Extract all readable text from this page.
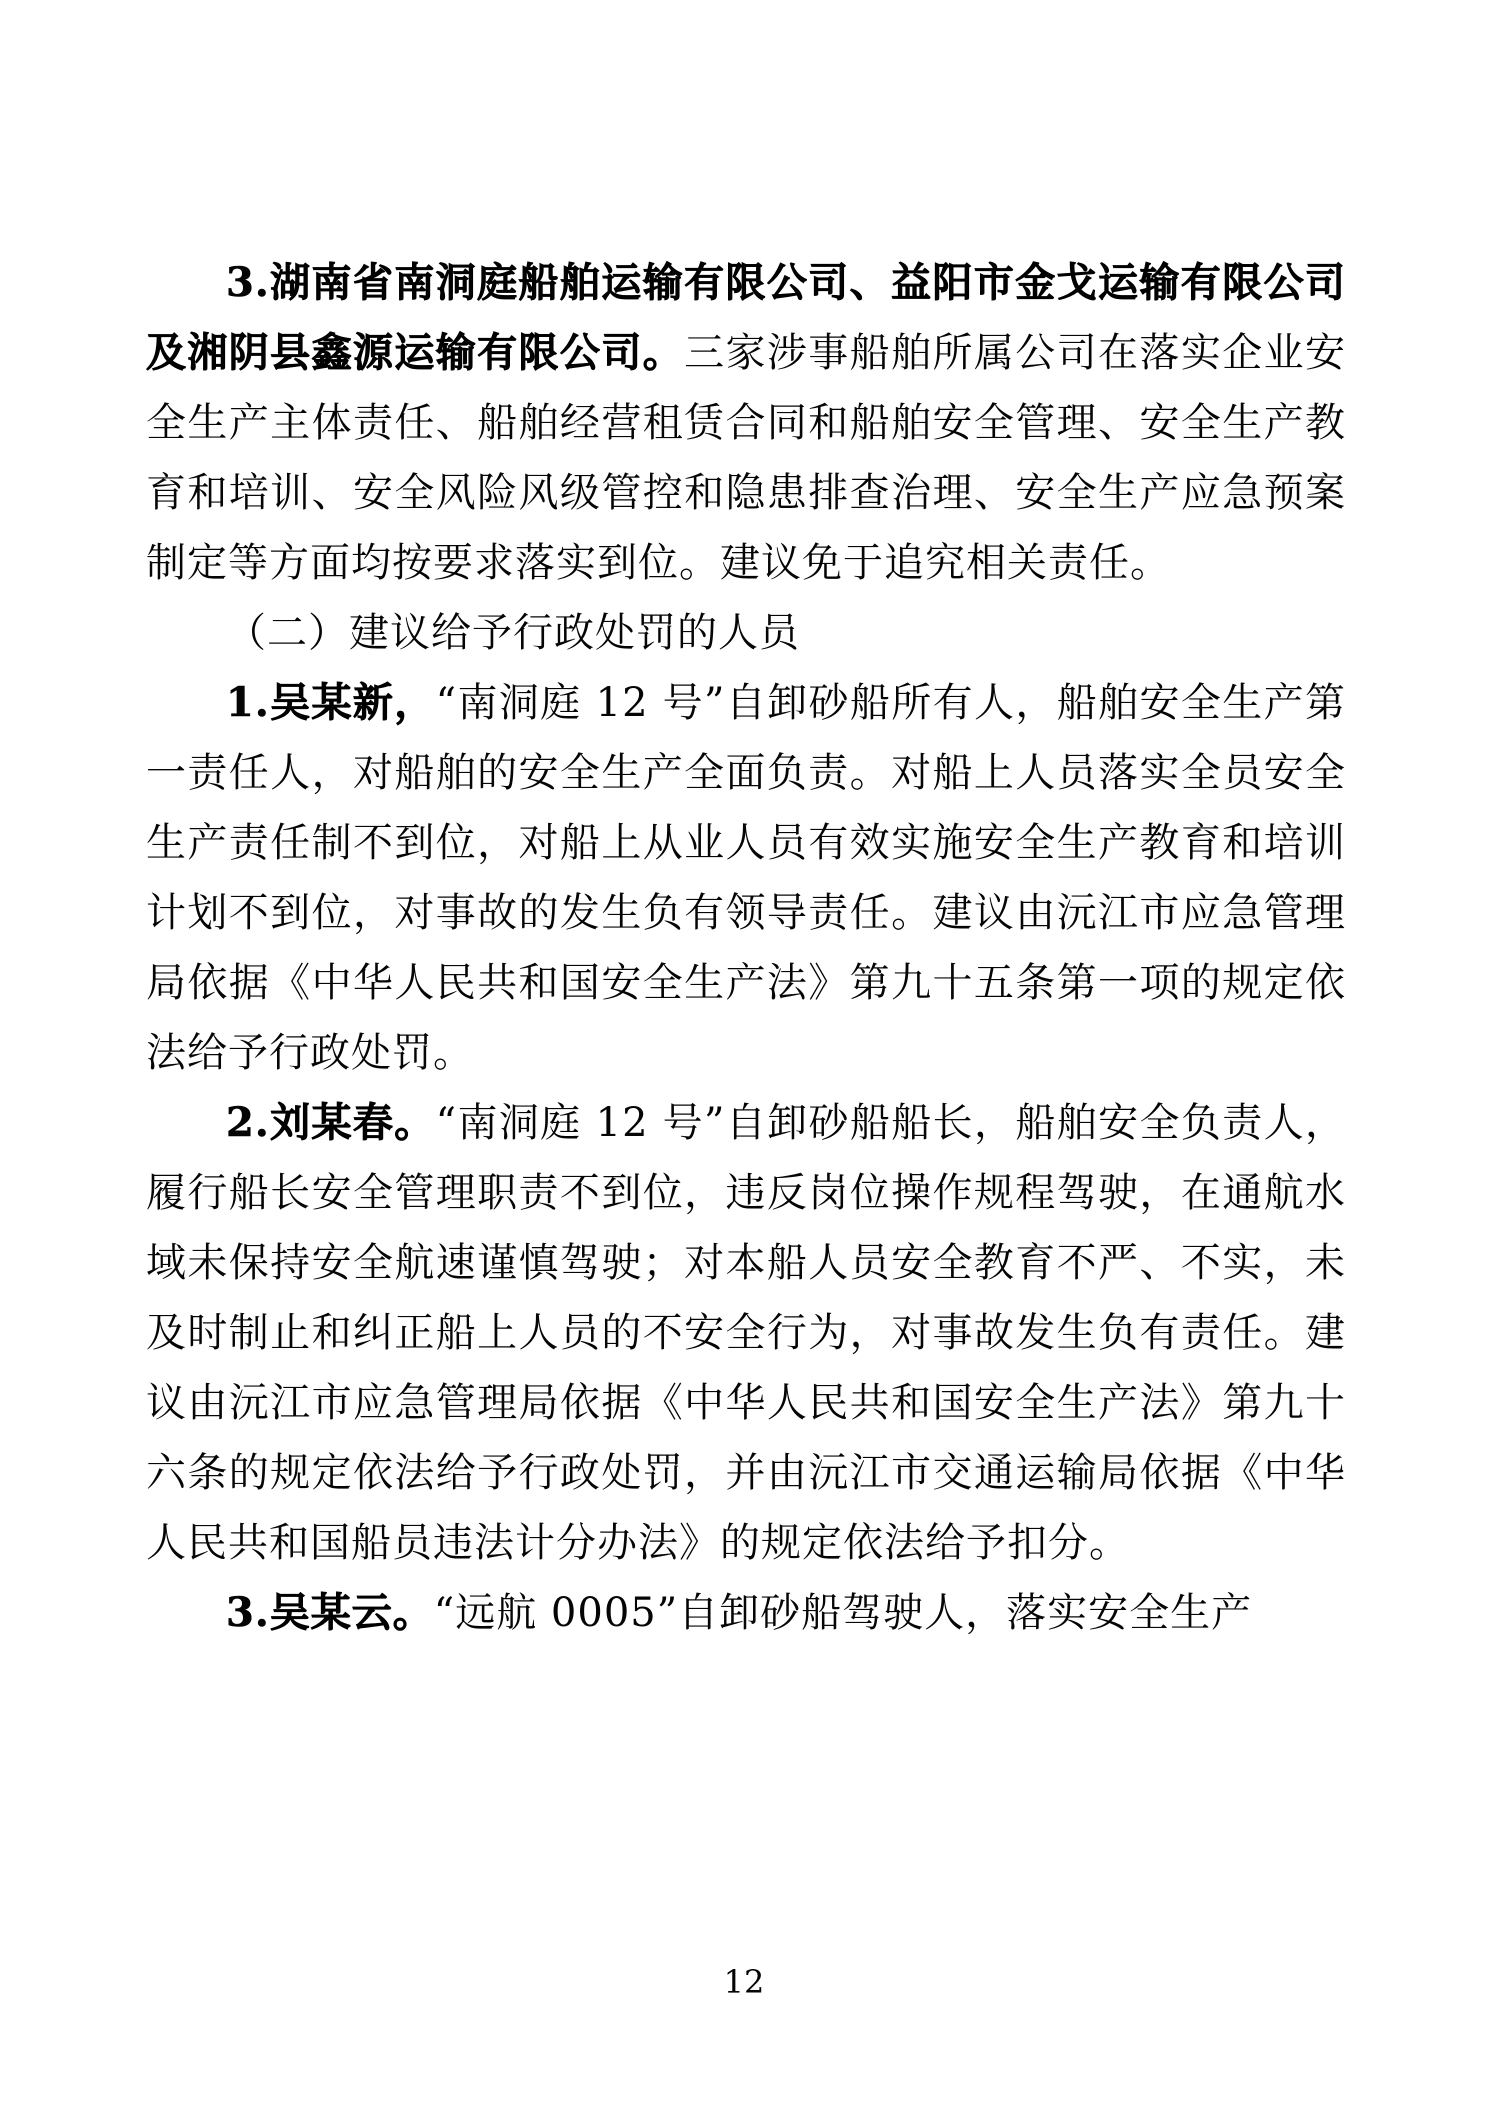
3.湖南省南洞庭船舶运输有限公司、益阳市金戈运输有限公司及湘阴县鑫源运输有限公司。三家涉事船舶所属公司在落实企业安全生产主体责任、船舶经营租赁合同和船舶安全管理、安全生产教育和培训、安全风险风级管控和隐患排查治理、安全生产应急预案制定等方面均按要求落实到位。建议免于追究相关责任。

（二）建议给予行政处罚的人员

1.吴某新，“南洞庭 12 号”自卸砂船所有人，船舶安全生产第一责任人，对船舶的安全生产全面负责。对船上人员落实全员安全生产责任制不到位，对船上从业人员有效实施安全生产教育和培训计划不到位，对事故的发生负有领导责任。建议由沅江市应急管理局依据《中华人民共和国安全生产法》第九十五条第一项的规定依法给予行政处罚。

2.刘某春。“南洞庭 12 号”自卸砂船船长，船舶安全负责人，履行船长安全管理职责不到位，违反岗位操作规程驾驶，在通航水域未保持安全航速谨慎驾驶；对本船人员安全教育不严、不实，未及时制止和纠正船上人员的不安全行为，对事故发生负有责任。建议由沅江市应急管理局依据《中华人民共和国安全生产法》第九十六条的规定依法给予行政处罚，并由沅江市交通运输局依据《中华人民共和国船员违法计分办法》的规定依法给予扣分。

3.吴某云。“远航 0005”自卸砂船驾驶人，落实安全生产

12
